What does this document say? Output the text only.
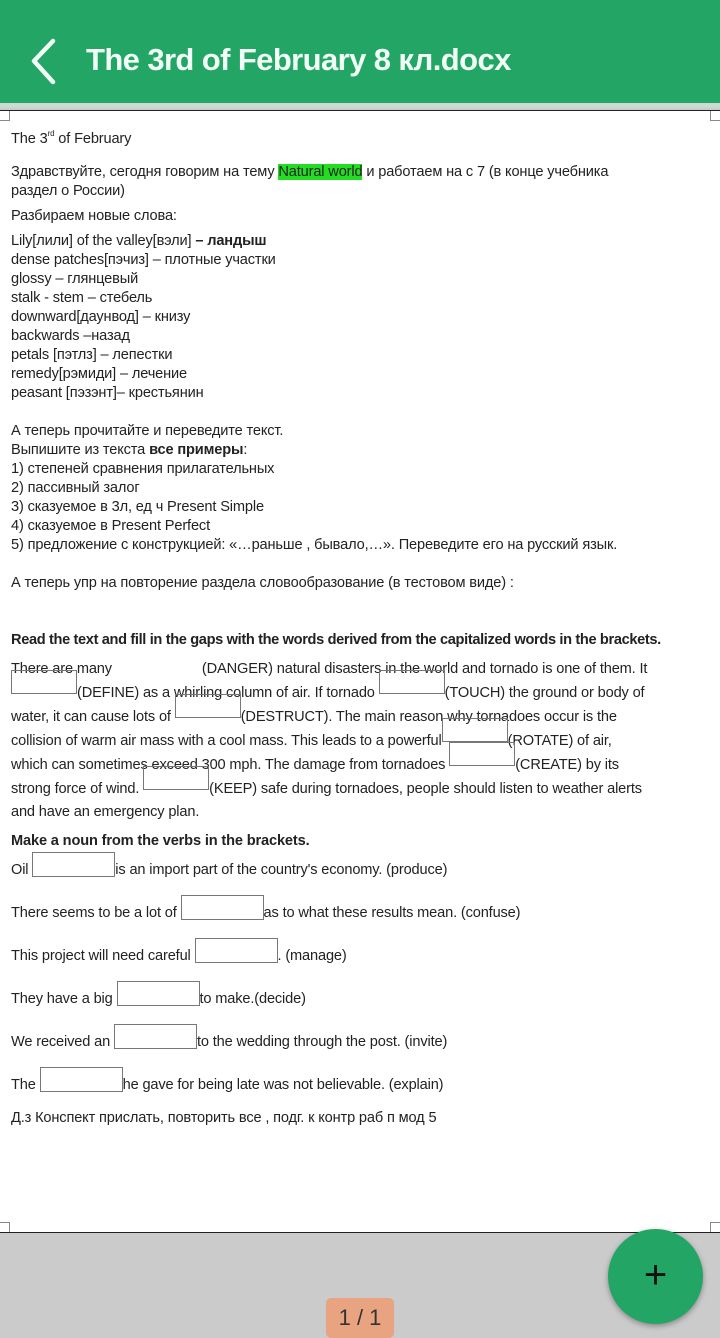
The 3rd of February 8 кл.docx
The 3rd of February
Здравствуйте, сегодня говорим на тему Natural world и работаем на с 7 (в конце учебника
раздел о России)
Разбираем новые слова:
Lily[лили] of the valley[вэли] – ландыш
dense patches[пэчиз] – плотные участки
glossy – глянцевый
stalk - stem – стебель
downward[даунвод] – книзу
backwards –назад
petals [пэтлз] – лепестки
remedy[рэмиди] – лечение
peasant [пэзэнт]– крестьянин
А теперь прочитайте и переведите текст.
Выпишите из текста все примеры:
1) степеней сравнения прилагательных
2) пассивный залог
3) сказуемое в 3л, ед ч Present Simple
4) сказуемое в Present Perfect
5) предложение с конструкцией: «…раньше , бывало,…». Переведите его на русский язык.
А теперь упр на повторение раздела словообразование (в тестовом виде) :
Read the text and fill in the gaps with the words derived from the capitalized words in the brackets.
There are many	(DANGER) natural disasters in the world and tornado is one of them. It
(DEFINE) as a whirling column of air. If tornado	(TOUCH) the ground or body of
water, it can cause lots of	(DESTRUCT). The main reason why tornadoes occur is the
collision of warm air mass with a cool mass. This leads to a powerful	(ROTATE) of air,
which can sometimes exceed 300 mph. The damage from tornadoes	(CREATE) by its
strong force of wind.	(KEEP) safe during tornadoes, people should listen to weather alerts
and have an emergency plan.
Make a noun from the verbs in the brackets.
Oil	is an import part of the country's economy. (produce)
There seems to be a lot of	as to what these results mean. (confuse)
This project will need careful	. (manage)
They have a big	to make.(decide)
We received an	to the wedding through the post. (invite)
The	he gave for being late was not believable. (explain)
Д.з Конспект прислать, повторить все , подг. к контр раб п мод 5
+
1 / 1
